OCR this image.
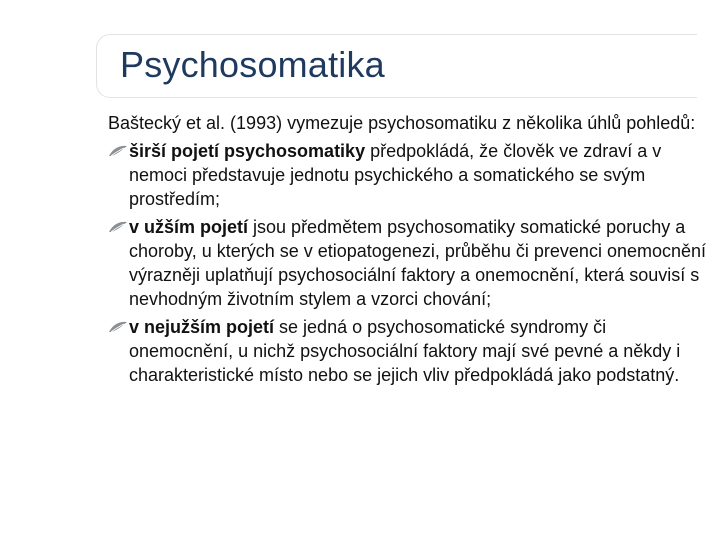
Psychosomatika

Baštecký et al. (1993) vymezuje psychosomatiku z několika úhlů pohledů:

širší pojetí psychosomatiky předpokládá, že člověk ve zdraví a v nemoci představuje jednotu psychického a somatického se svým prostředím;
v užším pojetí jsou předmětem psychosomatiky somatické poruchy a choroby, u kterých se v etiopatogenezi, průběhu či prevenci onemocnění výrazněji uplatňují psychosociální faktory a onemocnění, která souvisí s nevhodným životním stylem a vzorci chování;
v nejužším pojetí se jedná o psychosomatické syndromy či onemocnění, u nichž psychosociální faktory mají své pevné a někdy i charakteristické místo nebo se jejich vliv předpokládá jako podstatný.
